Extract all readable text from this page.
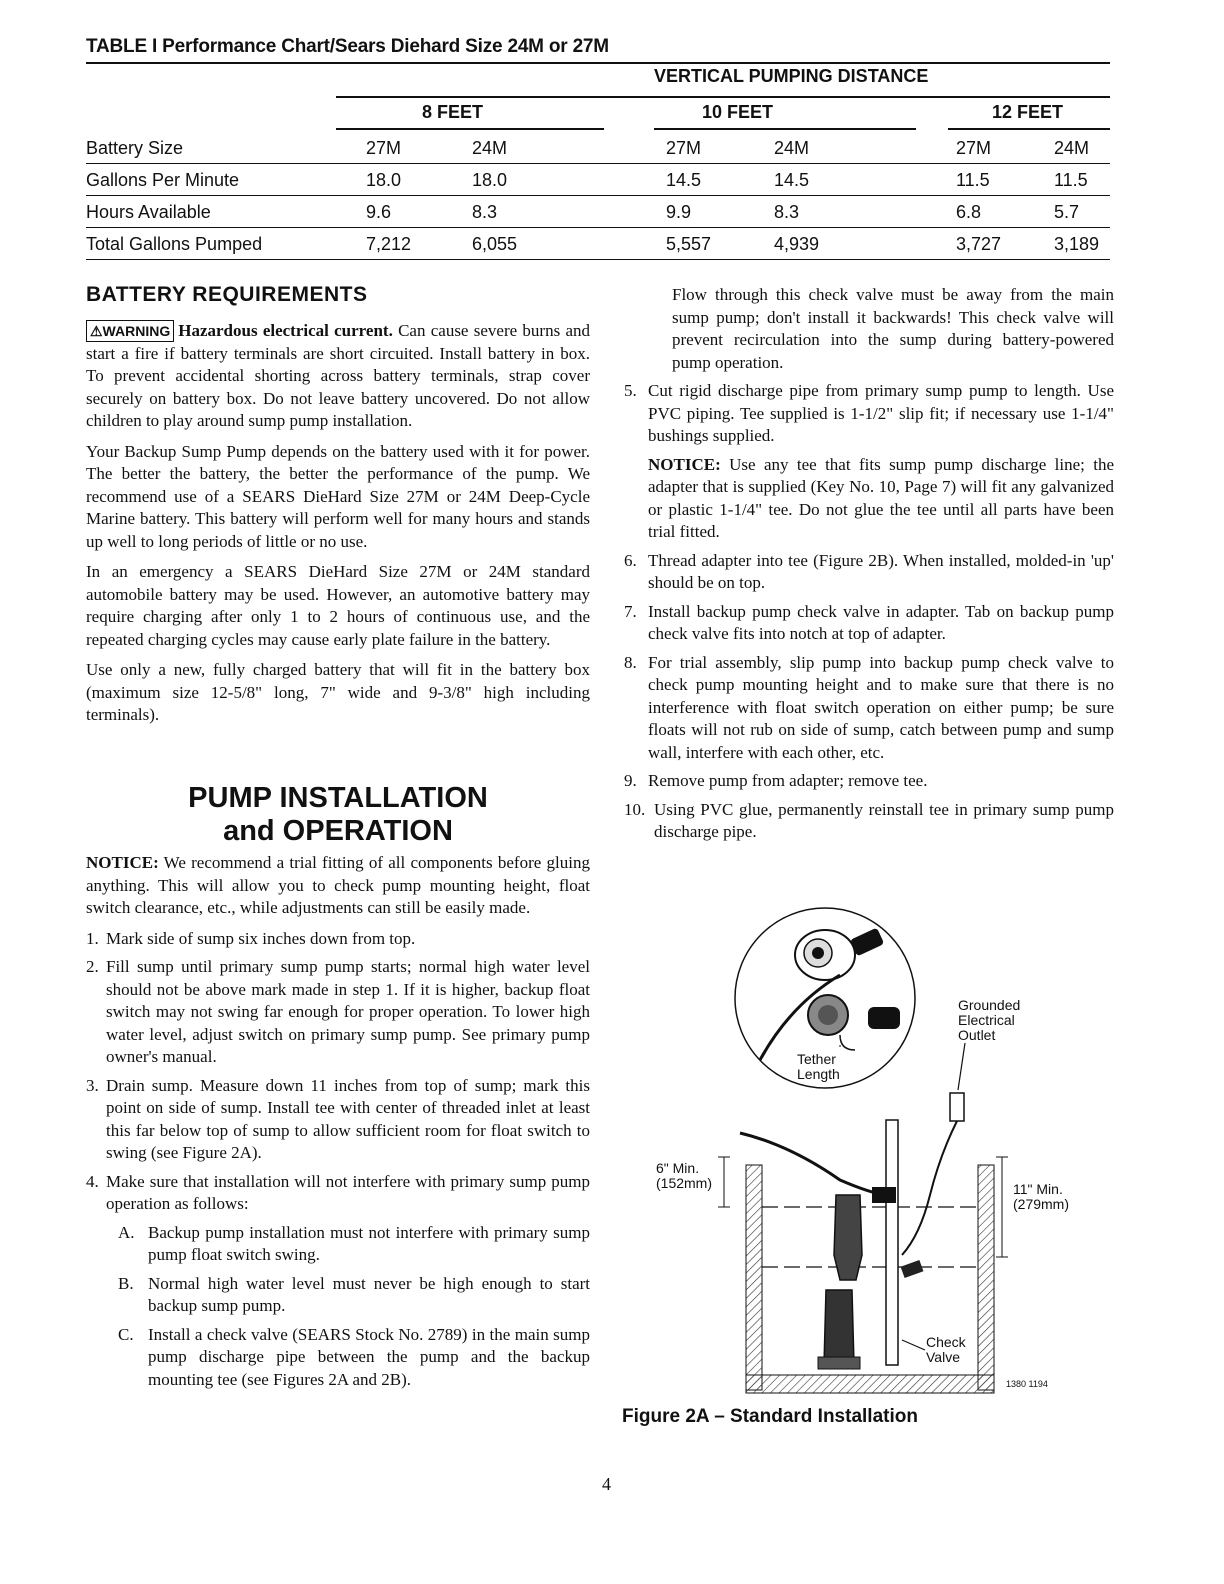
TABLE I Performance Chart/Sears Diehard Size 24M or 27M
VERTICAL PUMPING DISTANCE
8 FEET	10 FEET	12 FEET
Battery Size	27M	24M	27M	24M	27M	24M
Gallons Per Minute	18.0	18.0	14.5	14.5	11.5	11.5
Hours Available	9.6	8.3	9.9	8.3	6.8	5.7
Total Gallons Pumped	7,212	6,055	5,557	4,939	3,727	3,189
BATTERY REQUIREMENTS

⚠WARNING Hazardous electrical current. Can cause severe burns and start a fire if battery terminals are short circuited. Install battery in box. To prevent accidental shorting across battery terminals, strap cover securely on battery box. Do not leave battery uncovered. Do not allow children to play around sump pump installation.

Your Backup Sump Pump depends on the battery used with it for power. The better the battery, the better the performance of the pump. We recommend use of a SEARS DieHard Size 27M or 24M Deep-Cycle Marine battery. This battery will perform well for many hours and stands up well to long periods of little or no use.

In an emergency a SEARS DieHard Size 27M or 24M standard automobile battery may be used. However, an automotive battery may require charging after only 1 to 2 hours of continuous use, and the repeated charging cycles may cause early plate failure in the battery.

Use only a new, fully charged battery that will fit in the battery box (maximum size 12-5/8" long, 7" wide and 9-3/8" high including terminals).

PUMP INSTALLATION
and OPERATION

NOTICE: We recommend a trial fitting of all components before gluing anything. This will allow you to check pump mounting height, float switch clearance, etc., while adjustments can still be easily made.

1. Mark side of sump six inches down from top.
2. Fill sump until primary sump pump starts; normal high water level should not be above mark made in step 1. If it is higher, backup float switch may not swing far enough for proper operation. To lower high water level, adjust switch on primary sump pump. See primary pump owner's manual.
3. Drain sump. Measure down 11 inches from top of sump; mark this point on side of sump. Install tee with center of threaded inlet at least this far below top of sump to allow sufficient room for float switch to swing (see Figure 2A).
4. Make sure that installation will not interfere with primary sump pump operation as follows:
A. Backup pump installation must not interfere with primary sump pump float switch swing.
B. Normal high water level must never be high enough to start backup sump pump.
C. Install a check valve (SEARS Stock No. 2789) in the main sump pump discharge pipe between the pump and the backup mounting tee (see Figures 2A and 2B).

Flow through this check valve must be away from the main sump pump; don't install it backwards! This check valve will prevent recirculation into the sump during battery-powered pump operation.

5. Cut rigid discharge pipe from primary sump pump to length. Use PVC piping. Tee supplied is 1-1/2" slip fit; if necessary use 1-1/4" bushings supplied.

NOTICE: Use any tee that fits sump pump discharge line; the adapter that is supplied (Key No. 10, Page 7) will fit any galvanized or plastic 1-1/4" tee. Do not glue the tee until all parts have been trial fitted.

6. Thread adapter into tee (Figure 2B). When installed, molded-in 'up' should be on top.
7. Install backup pump check valve in adapter. Tab on backup pump check valve fits into notch at top of adapter.
8. For trial assembly, slip pump into backup pump check valve to check pump mounting height and to make sure that there is no interference with float switch operation on either pump; be sure floats will not rub on side of sump, catch between pump and sump wall, interfere with each other, etc.
9. Remove pump from adapter; remove tee.
10. Using PVC glue, permanently reinstall tee in primary sump pump discharge pipe.
Grounded
Electrical
Outlet
Tether
Length
6" Min.
(152mm)	11" Min.
(279mm)
Check
Valve
1380 1194
Figure 2A – Standard Installation
4
